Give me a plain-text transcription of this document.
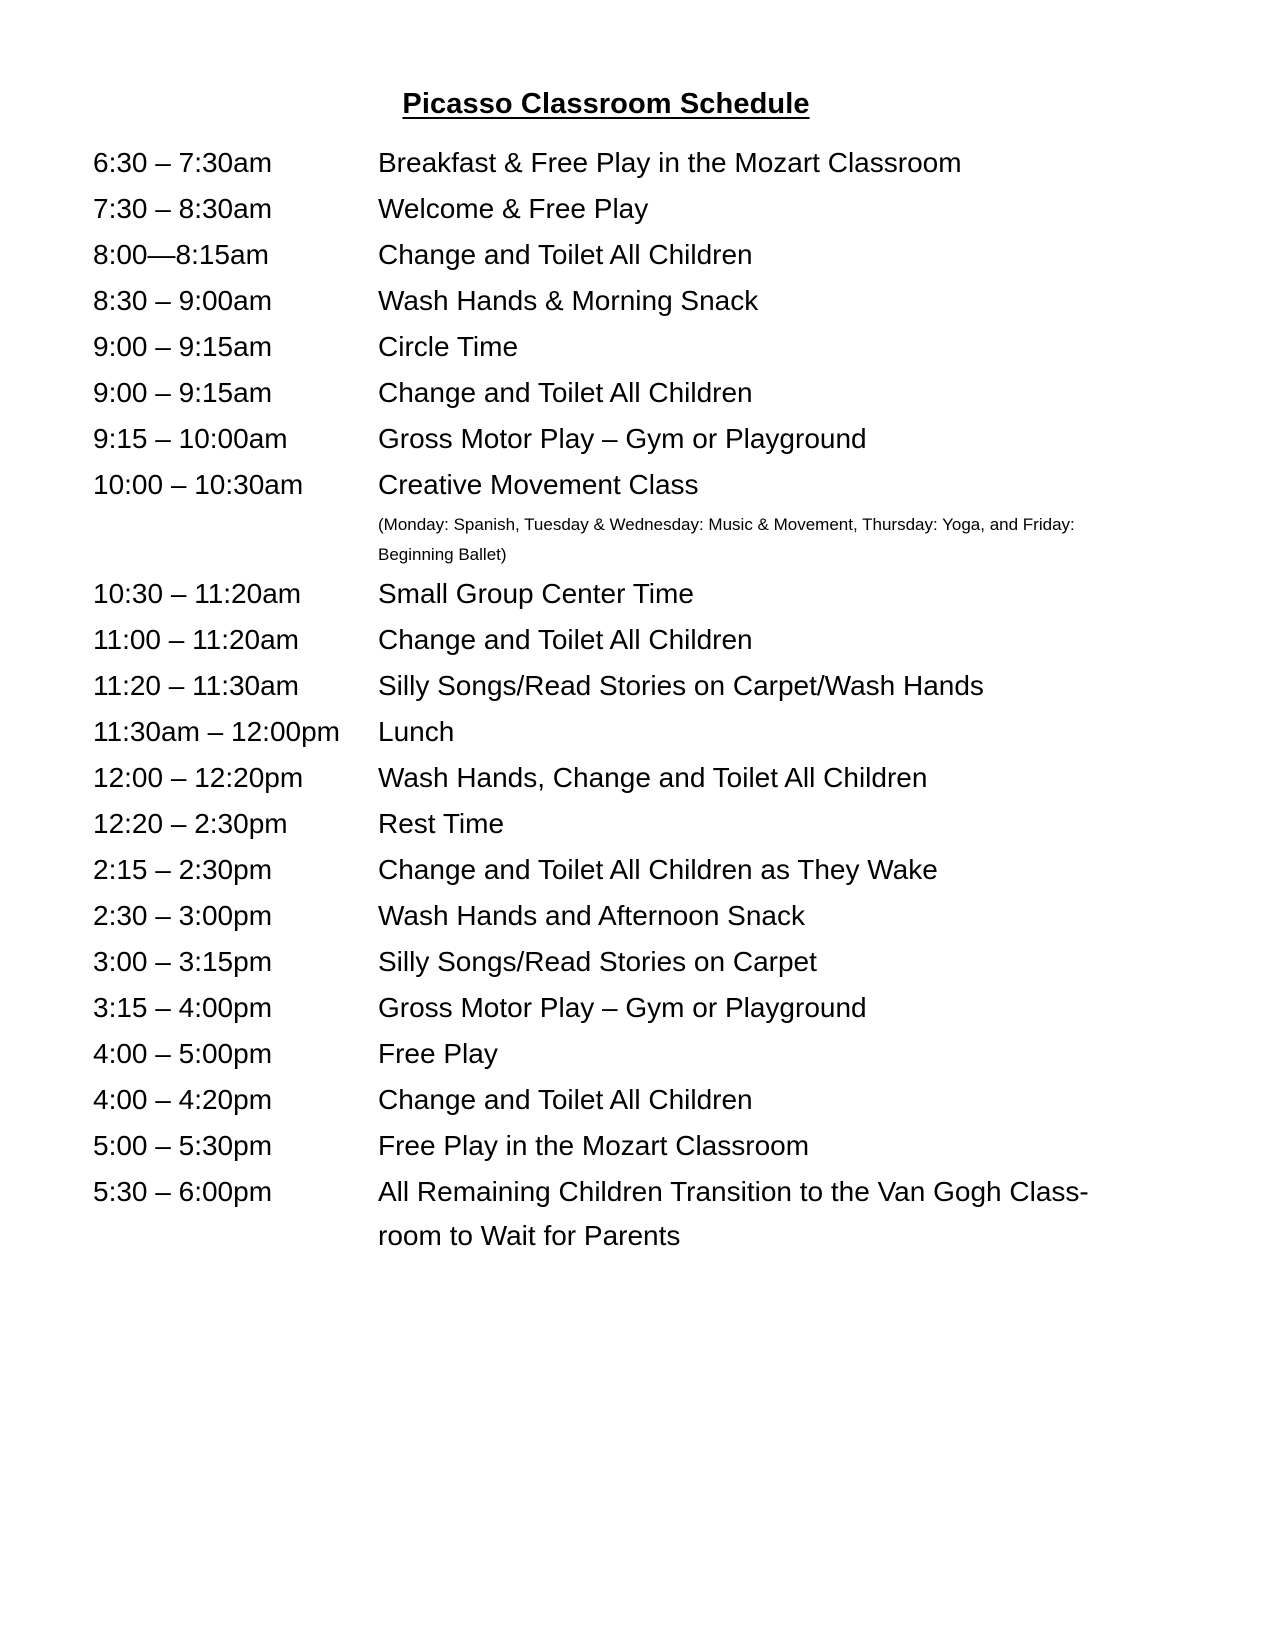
Picasso Classroom Schedule
6:30 – 7:30am	Breakfast & Free Play in the Mozart Classroom
7:30 – 8:30am	Welcome & Free Play
8:00—8:15am	Change and Toilet All Children
8:30 – 9:00am	Wash Hands & Morning Snack
9:00 – 9:15am	Circle Time
9:00 – 9:15am	Change and Toilet All Children
9:15 – 10:00am	Gross Motor Play – Gym or Playground
10:00 – 10:30am	Creative Movement Class
(Monday: Spanish, Tuesday & Wednesday: Music & Movement, Thursday: Yoga, and Friday: Beginning Ballet)
10:30 – 11:20am	Small Group Center Time
11:00 – 11:20am	Change and Toilet All Children
11:20 – 11:30am	Silly Songs/Read Stories on Carpet/Wash Hands
11:30am – 12:00pm	Lunch
12:00 – 12:20pm	Wash Hands, Change and Toilet All Children
12:20 – 2:30pm	Rest Time
2:15 – 2:30pm	Change and Toilet All Children as They Wake
2:30 – 3:00pm	Wash Hands and Afternoon Snack
3:00 – 3:15pm	Silly Songs/Read Stories on Carpet
3:15 – 4:00pm	Gross Motor Play – Gym or Playground
4:00 – 5:00pm	Free Play
4:00 – 4:20pm	Change and Toilet All Children
5:00 – 5:30pm	Free Play in the Mozart Classroom
5:30 – 6:00pm	All Remaining Children Transition to the Van Gogh Class-
room to Wait for Parents
